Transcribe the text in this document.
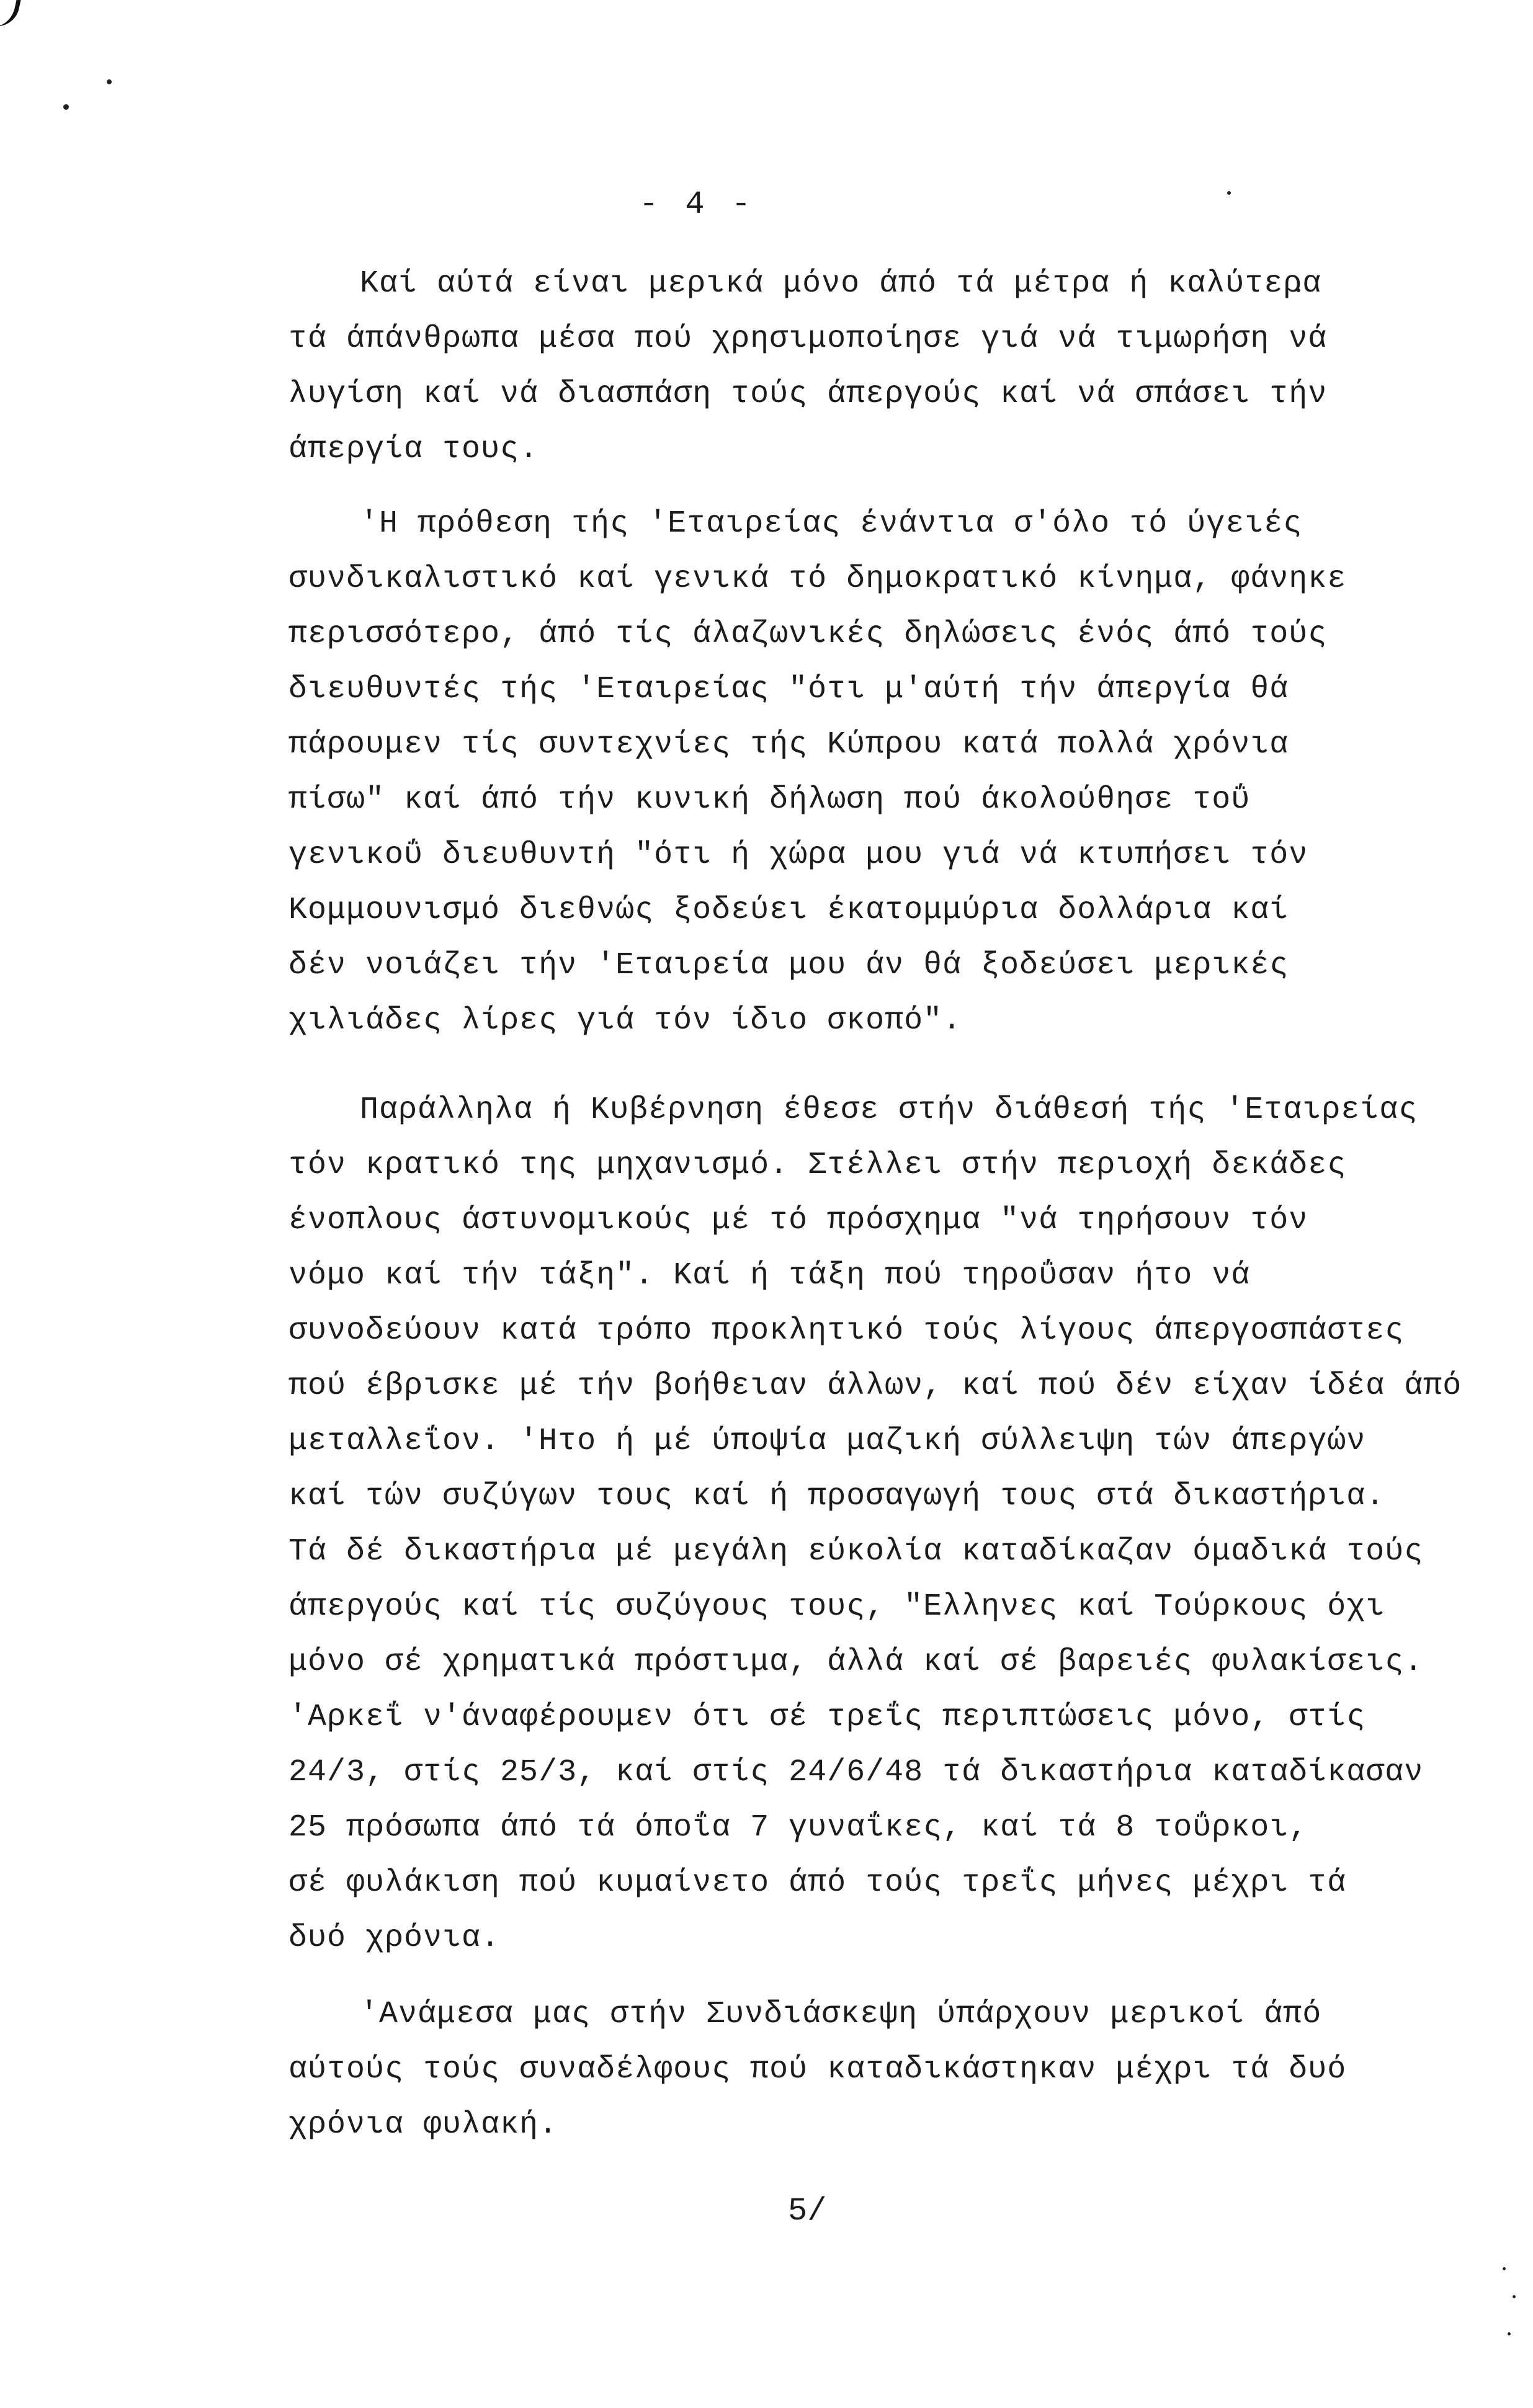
- 4 -
Καί αύτά είναι μερικά μόνο άπό τά μέτρα ή καλύτερα
τά άπάνθρωπα μέσα πού χρησιμοποίησε γιά νά τιμωρήση νά
λυγίση καί νά διασπάση τούς άπεργούς καί νά σπάσει τήν
άπεργία τους.
'Η πρόθεση τής 'Εταιρείας ένάντια σ'όλο τό ύγειές
συνδικαλιστικό καί γενικά τό δημοκρατικό κίνημα, φάνηκε
περισσότερο, άπό τίς άλαζωνικές δηλώσεις ένός άπό τούς
διευθυντές τής 'Εταιρείας "ότι μ'αύτή τήν άπεργία θά
πάρουμεν τίς συντεχνίες τής Κύπρου κατά πολλά χρόνια
πίσω" καί άπό τήν κυνική δήλωση πού άκολούθησε τοΰ
γενικοΰ διευθυντή "ότι ή χώρα μου γιά νά κτυπήσει τόν
Κομμουνισμό διεθνώς ξοδεύει έκατομμύρια δολλάρια καί
δέν νοιάζει τήν 'Εταιρεία μου άν θά ξοδεύσει μερικές
χιλιάδες λίρες γιά τόν ίδιο σκοπό".
Παράλληλα ή Κυβέρνηση έθεσε στήν διάθεσή τής 'Εταιρείας
τόν κρατικό της μηχανισμό. Στέλλει στήν περιοχή δεκάδες
ένοπλους άστυνομικούς μέ τό πρόσχημα "νά τηρήσουν τόν
νόμο καί τήν τάξη". Καί ή τάξη πού τηροΰσαν ήτο νά
συνοδεύουν κατά τρόπο προκλητικό τούς λίγους άπεργοσπάστες
πού έβρισκε μέ τήν βοήθειαν άλλων, καί πού δέν είχαν ίδέα άπό
μεταλλεΐον. 'Ητο ή μέ ύποψία μαζική σύλλειψη τών άπεργών
καί τών συζύγων τους καί ή προσαγωγή τους στά δικαστήρια.
Τά δέ δικαστήρια μέ μεγάλη εύκολία καταδίκαζαν όμαδικά τούς
άπεργούς καί τίς συζύγους τους, "Ελληνες καί Τούρκους όχι
μόνο σέ χρηματικά πρόστιμα, άλλά καί σέ βαρειές φυλακίσεις.
'Αρκεΐ ν'άναφέρουμεν ότι σέ τρεΐς περιπτώσεις μόνο, στίς
24/3, στίς 25/3, καί στίς 24/6/48 τά δικαστήρια καταδίκασαν
25 πρόσωπα άπό τά όποΐα 7 γυναΐκες, καί τά 8 τοΰρκοι,
σέ φυλάκιση πού κυμαίνετο άπό τούς τρεΐς μήνες μέχρι τά
δυό χρόνια.
'Ανάμεσα μας στήν Συνδιάσκεψη ύπάρχουν μερικοί άπό
αύτούς τούς συναδέλφους πού καταδικάστηκαν μέχρι τά δυό
χρόνια φυλακή.
5/
